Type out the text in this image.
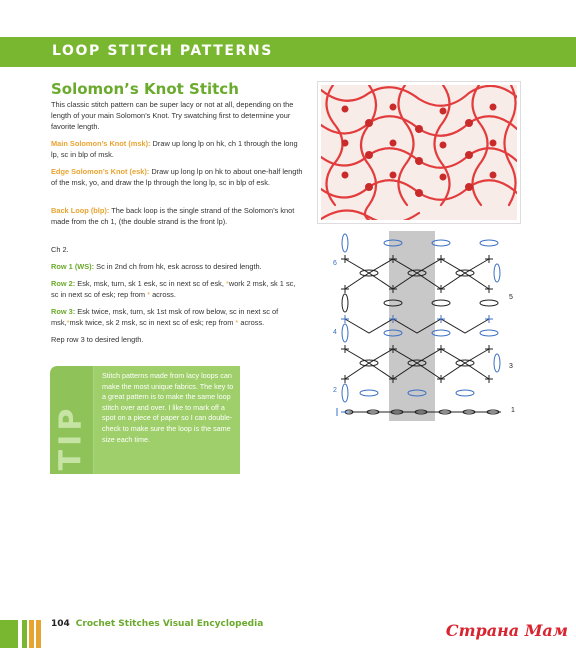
LOOP STITCH PATTERNS
Solomon’s Knot Stitch
This classic stitch pattern can be super lacy or not at all, depending on the length of your main Solomon’s Knot. Try swatching first to determine your favorite length.
Main Solomon’s Knot (msk): Draw up long lp on hk, ch 1 through the long lp, sc in blp of msk.
Edge Solomon’s Knot (esk): Draw up long lp on hk to about one-half length of the msk, yo, and draw the lp through the long lp, sc in blp of esk.
Back Loop (blp): The back loop is the single strand of the Solomon’s knot made from the ch 1, (the double strand is the front lp).
Ch 2.
Row 1 (WS): Sc in 2nd ch from hk, esk across to desired length.
Row 2: Esk, msk, turn, sk 1 esk, sc in next sc of esk, *work 2 msk, sk 1 sc, sc in next sc of esk; rep from * across.
Row 3: Esk twice, msk, turn, sk 1st msk of row below, sc in next sc of msk,*msk twice, sk 2 msk, sc in next sc of esk; rep from * across.
Rep row 3 to desired length.
6
5
4
3
2
1
TIP
Stitch patterns made from lacy loops can make the most unique fabrics. The key to a great pattern is to make the same loop stitch over and over. I like to mark off a spot on a piece of paper so I can double-check to make sure the loop is the same size each time.
104 Crochet Stitches Visual Encyclopedia	Страна Мам
